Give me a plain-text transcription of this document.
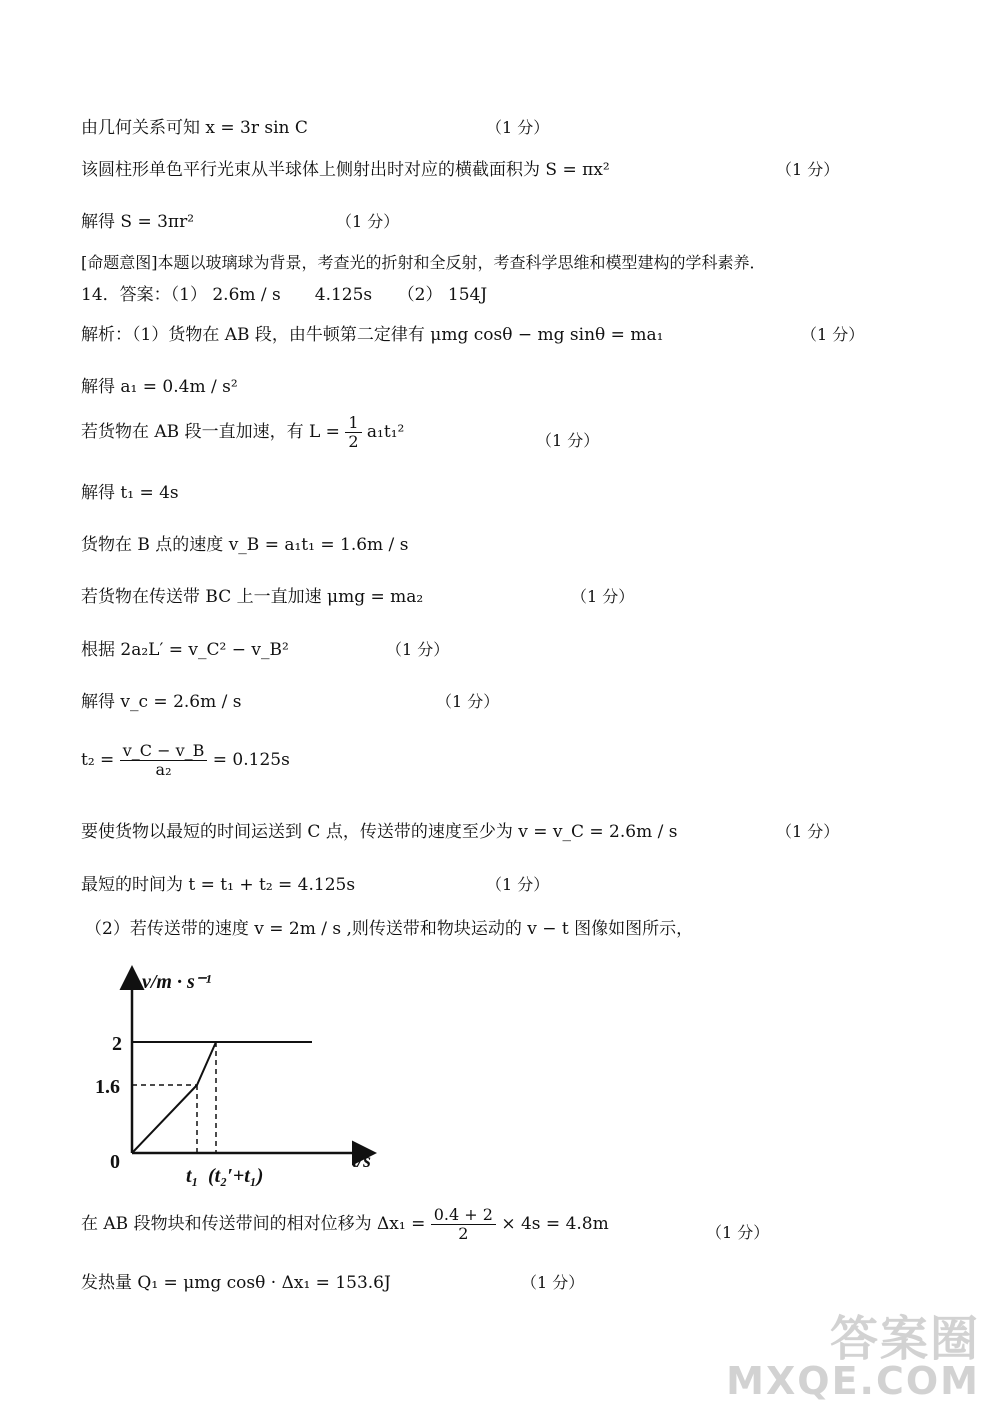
由几何关系可知 x = 3r sin C	（1 分）
该圆柱形单色平行光束从半球体上侧射出时对应的横截面积为 S = πx²	（1 分）
解得 S = 3πr²	（1 分）
[命题意图]本题以玻璃球为背景，考查光的折射和全反射，考查科学思维和模型建构的学科素养．
14．答案：（1） 2.6m / s　　4.125s　　（2） 154J
解析：（1）货物在 AB 段，由牛顿第二定律有 μmg cosθ − mg sinθ = ma₁	（1 分）
解得 a₁ = 0.4m / s²
若货物在 AB 段一直加速，有 $L = \frac{1}{2} a_1t_1^2$	（1 分）
解得 t₁ = 4s
货物在 B 点的速度 v_B = a₁t₁ = 1.6m / s
若货物在传送带 BC 上一直加速 μmg = ma₂	（1 分）
根据 2a₂L′ = v_C² − v_B²	（1 分）
解得 v_c = 2.6m / s	（1 分）
$t_2 = \frac{v\_C - v\_B}{\text{a₂}} = 0.125s$
要使货物以最短的时间运送到 C 点，传送带的速度至少为 v = v_C = 2.6m / s	（1 分）
最短的时间为 t = t₁ + t₂ = 4.125s	（1 分）
（2）若传送带的速度 v = 2m / s ,则传送带和物块运动的 v − t 图像如图所示，
v/m · s⁻¹
t/s
0
1.6
2
t₁ (t₂′+t₁)
在 AB 段物块和传送带间的相对位移为 $\Delta x_1 = \frac{0.4 + 2}{2} \times 4s = 4.8m$	（1 分）
发热量 Q₁ = μmg cosθ · Δx₁ = 153.6J	（1 分）
答案圈
MXQE.COM
